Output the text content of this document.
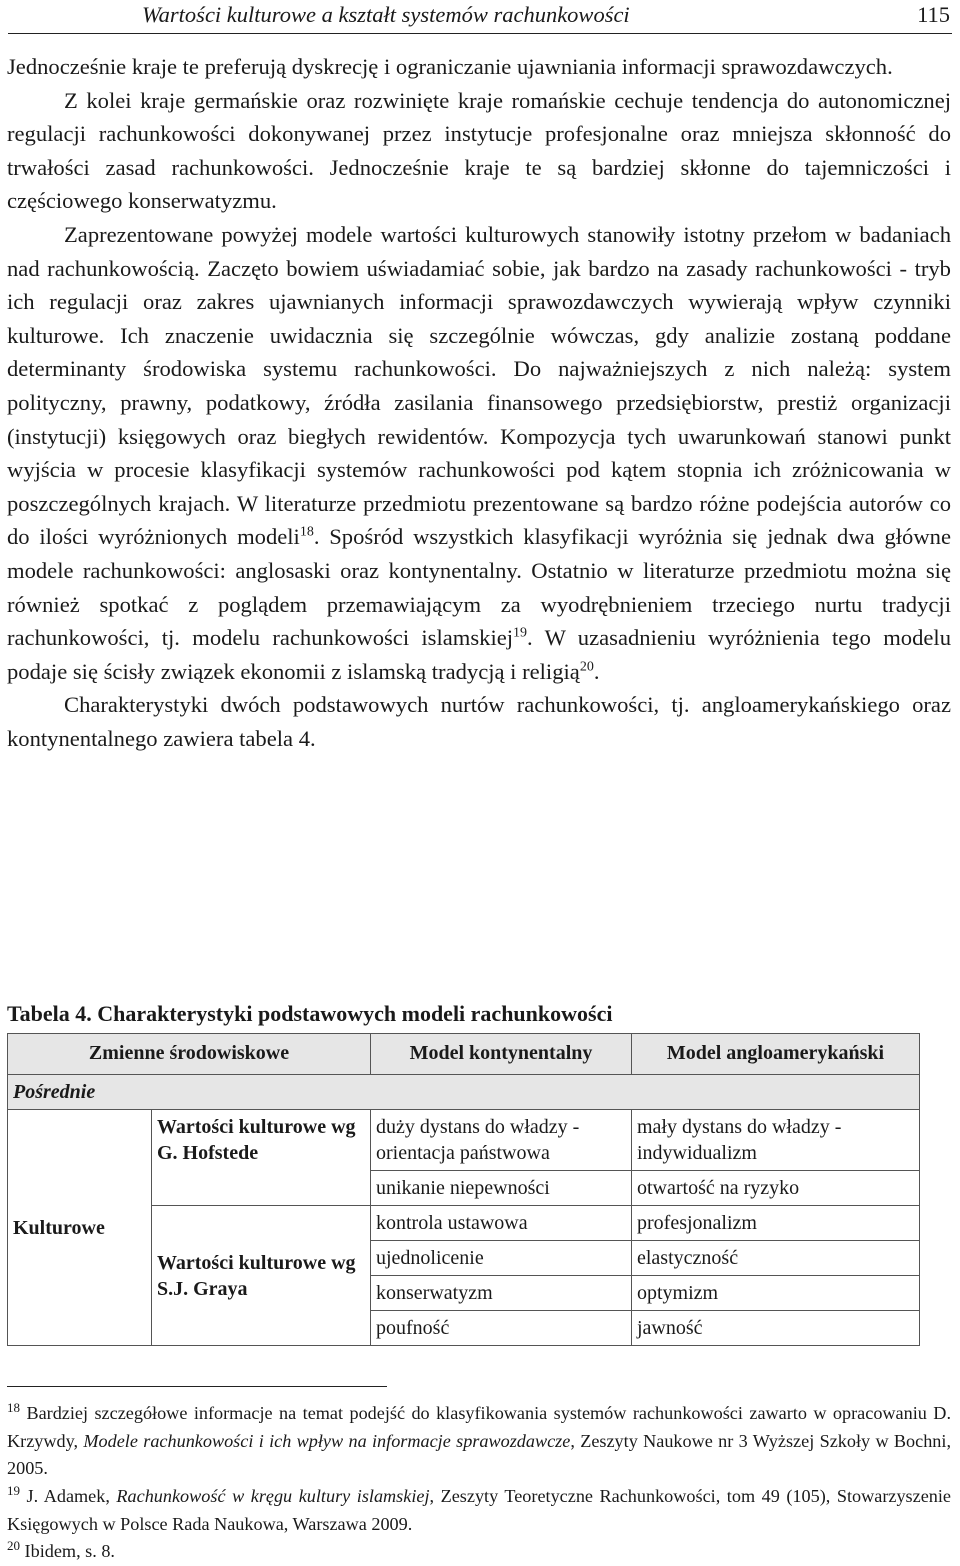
Wartości kulturowe a kształt systemów rachunkowości	115

Jednocześnie kraje te preferują dyskrecję i ograniczanie ujawniania informacji sprawozdawczych.

Z kolei kraje germańskie oraz rozwinięte kraje romańskie cechuje tendencja do autonomicznej regulacji rachunkowości dokonywanej przez instytucje profesjonalne oraz mniejsza skłonność do trwałości zasad rachunkowości. Jednocześnie kraje te są bardziej skłonne do tajemniczości i częściowego konserwatyzmu.

Zaprezentowane powyżej modele wartości kulturowych stanowiły istotny przełom w badaniach nad rachunkowością. Zaczęto bowiem uświadamiać sobie, jak bardzo na zasady rachunkowości - tryb ich regulacji oraz zakres ujawnianych informacji sprawozdawczych wywierają wpływ czynniki kulturowe. Ich znaczenie uwidacznia się szczególnie wówczas, gdy analizie zostaną poddane determinanty środowiska systemu rachunkowości. Do najważniejszych z nich należą: system polityczny, prawny, podatkowy, źródła zasilania finansowego przedsiębiorstw, prestiż organizacji (instytucji) księgowych oraz biegłych rewidentów. Kompozycja tych uwarunkowań stanowi punkt wyjścia w procesie klasyfikacji systemów rachunkowości pod kątem stopnia ich zróżnicowania w poszczególnych krajach. W literaturze przedmiotu prezentowane są bardzo różne podejścia autorów co do ilości wyróżnionych modeli$^{18}$. Spośród wszystkich klasyfikacji wyróżnia się jednak dwa główne modele rachunkowości: anglosaski oraz kontynentalny. Ostatnio w literaturze przedmiotu można się również spotkać z poglądem przemawiającym za wyodrębnieniem trzeciego nurtu tradycji rachunkowości, tj. modelu rachunkowości islamskiej$^{19}$. W uzasadnieniu wyróżnienia tego modelu podaje się ścisły związek ekonomii z islamską tradycją i religią$^{20}$.

Charakterystyki dwóch podstawowych nurtów rachunkowości, tj. angloamerykańskiego oraz kontynentalnego zawiera tabela 4.

Tabela 4. Charakterystyki podstawowych modeli rachunkowości
Zmienne środowiskowe		Model kontynentalny	Model angloamerykański
Pośrednie			
Kulturowe	Wartości kulturowe wg G. Hofstede	duży dystans do władzy - orientacja państwowa	mały dystans do władzy - indywidualizm
		unikanie niepewności	otwartość na ryzyko
	Wartości kulturowe wg S.J. Graya	kontrola ustawowa	profesjonalizm
		ujednolicenie	elastyczność
		konserwatyzm	optymizm
		poufność	jawność
$^{18}$ Bardziej szczegółowe informacje na temat podejść do klasyfikowania systemów rachunkowości zawarto w opracowaniu D. Krzywdy, Modele rachunkowości i ich wpływ na informacje sprawozdawcze, Zeszyty Naukowe nr 3 Wyższej Szkoły w Bochni, 2005.
$^{19}$ J. Adamek, Rachunkowość w kręgu kultury islamskiej, Zeszyty Teoretyczne Rachunkowości, tom 49 (105), Stowarzyszenie Księgowych w Polsce Rada Naukowa, Warszawa 2009.
$^{20}$ Ibidem, s. 8.
